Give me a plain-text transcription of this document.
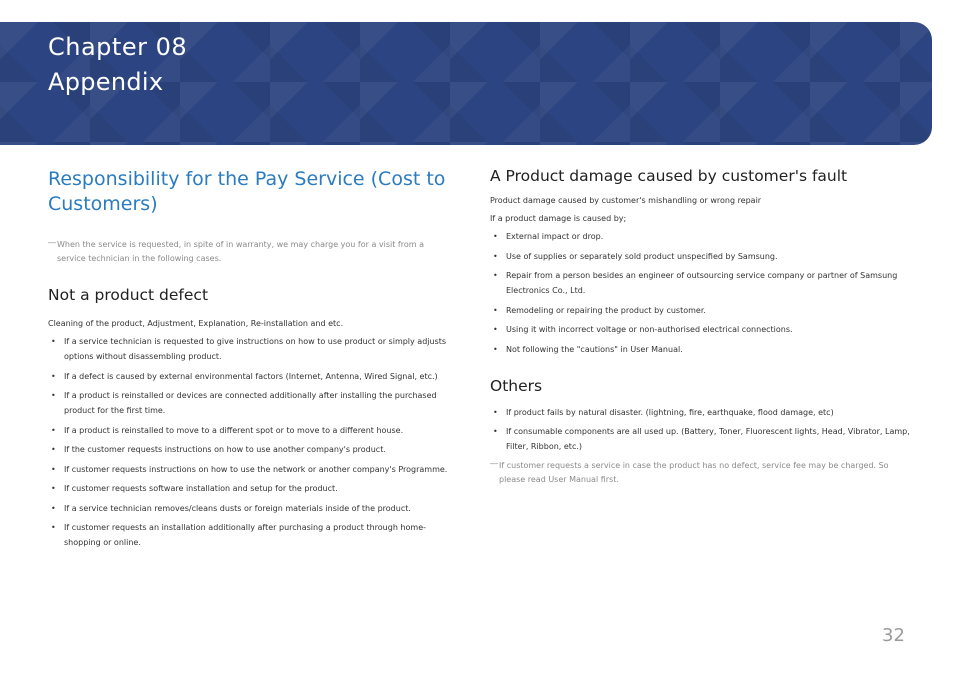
Chapter 08
Appendix
Responsibility for the Pay Service (Cost to Customers)
― When the service is requested, in spite of in warranty, we may charge you for a visit from a service technician in the following cases.
Not a product defect

Cleaning of the product, Adjustment, Explanation, Re-installation and etc.

• If a service technician is requested to give instructions on how to use product or simply adjusts options without disassembling product.
• If a defect is caused by external environmental factors (Internet, Antenna, Wired Signal, etc.)
• If a product is reinstalled or devices are connected additionally after installing the purchased product for the first time.
• If a product is reinstalled to move to a different spot or to move to a different house.
• If the customer requests instructions on how to use another company's product.
• If customer requests instructions on how to use the network or another company's Programme.
• If customer requests software installation and setup for the product.
• If a service technician removes/cleans dusts or foreign materials inside of the product.
• If customer requests an installation additionally after purchasing a product through home-shopping or online.
A Product damage caused by customer's fault

Product damage caused by customer's mishandling or wrong repair

If a product damage is caused by;

• External impact or drop.
• Use of supplies or separately sold product unspecified by Samsung.
• Repair from a person besides an engineer of outsourcing service company or partner of Samsung Electronics Co., Ltd.
• Remodeling or repairing the product by customer.
• Using it with incorrect voltage or non-authorised electrical connections.
• Not following the "cautions" in User Manual.
Others
• If product fails by natural disaster. (lightning, fire, earthquake, flood damage, etc)
• If consumable components are all used up. (Battery, Toner, Fluorescent lights, Head, Vibrator, Lamp, Filter, Ribbon, etc.)
― If customer requests a service in case the product has no defect, service fee may be charged. So please read User Manual first.
32
